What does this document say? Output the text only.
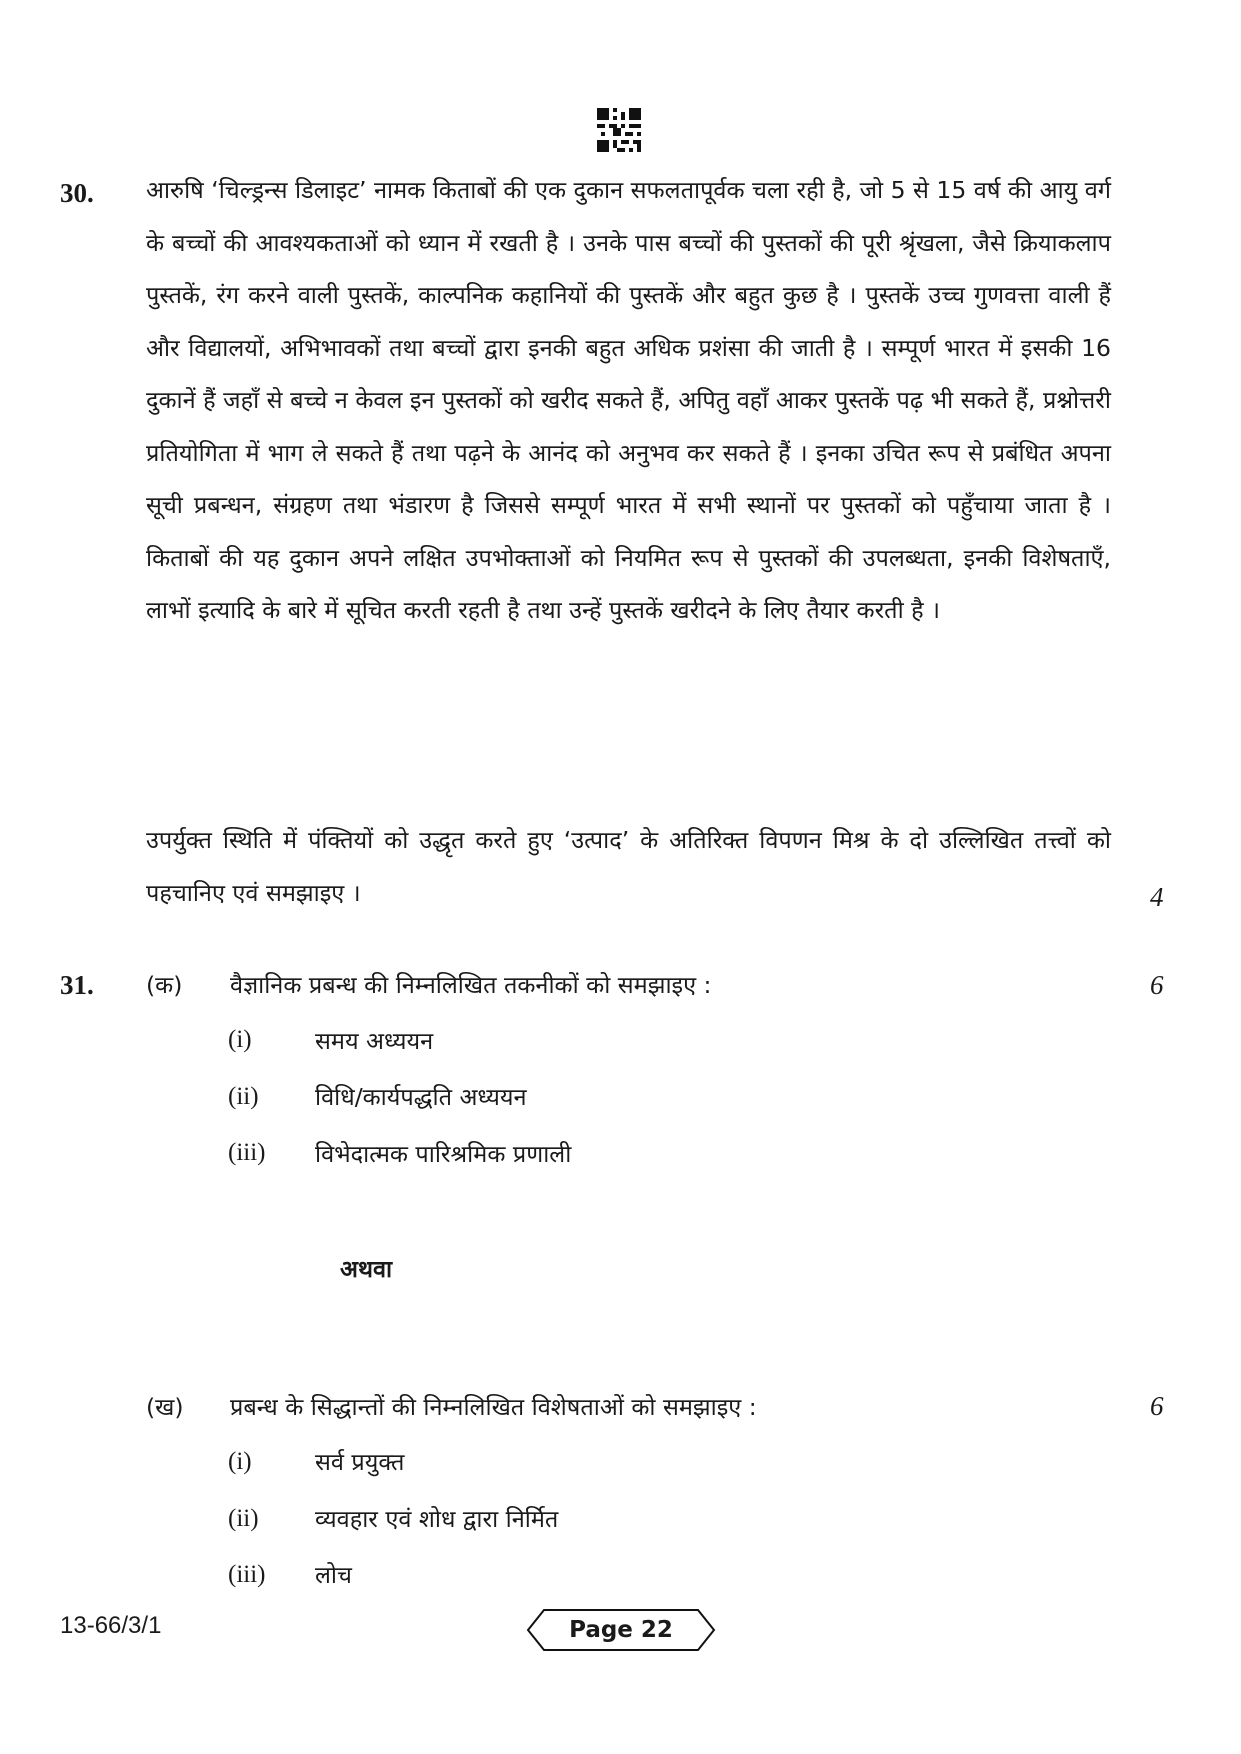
30. आरुषि ‘चिल्ड्रन्स डिलाइट’ नामक किताबों की एक दुकान सफलतापूर्वक चला रही है, जो 5 से 15 वर्ष की आयु वर्ग के बच्चों की आवश्यकताओं को ध्यान में रखती है । उनके पास बच्चों की पुस्तकों की पूरी श्रृंखला, जैसे क्रियाकलाप पुस्तकें, रंग करने वाली पुस्तकें, काल्पनिक कहानियों की पुस्तकें और बहुत कुछ है । पुस्तकें उच्च गुणवत्ता वाली हैं और विद्यालयों, अभिभावकों तथा बच्चों द्वारा इनकी बहुत अधिक प्रशंसा की जाती है । सम्पूर्ण भारत में इसकी 16 दुकानें हैं जहाँ से बच्चे न केवल इन पुस्तकों को खरीद सकते हैं, अपितु वहाँ आकर पुस्तकें पढ़ भी सकते हैं, प्रश्नोत्तरी प्रतियोगिता में भाग ले सकते हैं तथा पढ़ने के आनंद को अनुभव कर सकते हैं । इनका उचित रूप से प्रबंधित अपना सूची प्रबन्धन, संग्रहण तथा भंडारण है जिससे सम्पूर्ण भारत में सभी स्थानों पर पुस्तकों को पहुँचाया जाता है । किताबों की यह दुकान अपने लक्षित उपभोक्ताओं को नियमित रूप से पुस्तकों की उपलब्धता, इनकी विशेषताएँ, लाभों इत्यादि के बारे में सूचित करती रहती है तथा उन्हें पुस्तकें खरीदने के लिए तैयार करती है ।

उपर्युक्त स्थिति में पंक्तियों को उद्धृत करते हुए ‘उत्पाद’ के अतिरिक्त विपणन मिश्र के दो उल्लिखित तत्त्वों को पहचानिए एवं समझाइए ।	4
31. (क) वैज्ञानिक प्रबन्ध की निम्नलिखित तकनीकों को समझाइए :	6
(i)	समय अध्ययन
(ii) विधि/कार्यपद्धति अध्ययन
(iii) विभेदात्मक पारिश्रमिक प्रणाली
अथवा
(ख) प्रबन्ध के सिद्धान्तों की निम्नलिखित विशेषताओं को समझाइए :	6
(i)	सर्व प्रयुक्त
(ii) व्यवहार एवं शोध द्वारा निर्मित
(iii) लोच
13-66/3/1	Page 22
